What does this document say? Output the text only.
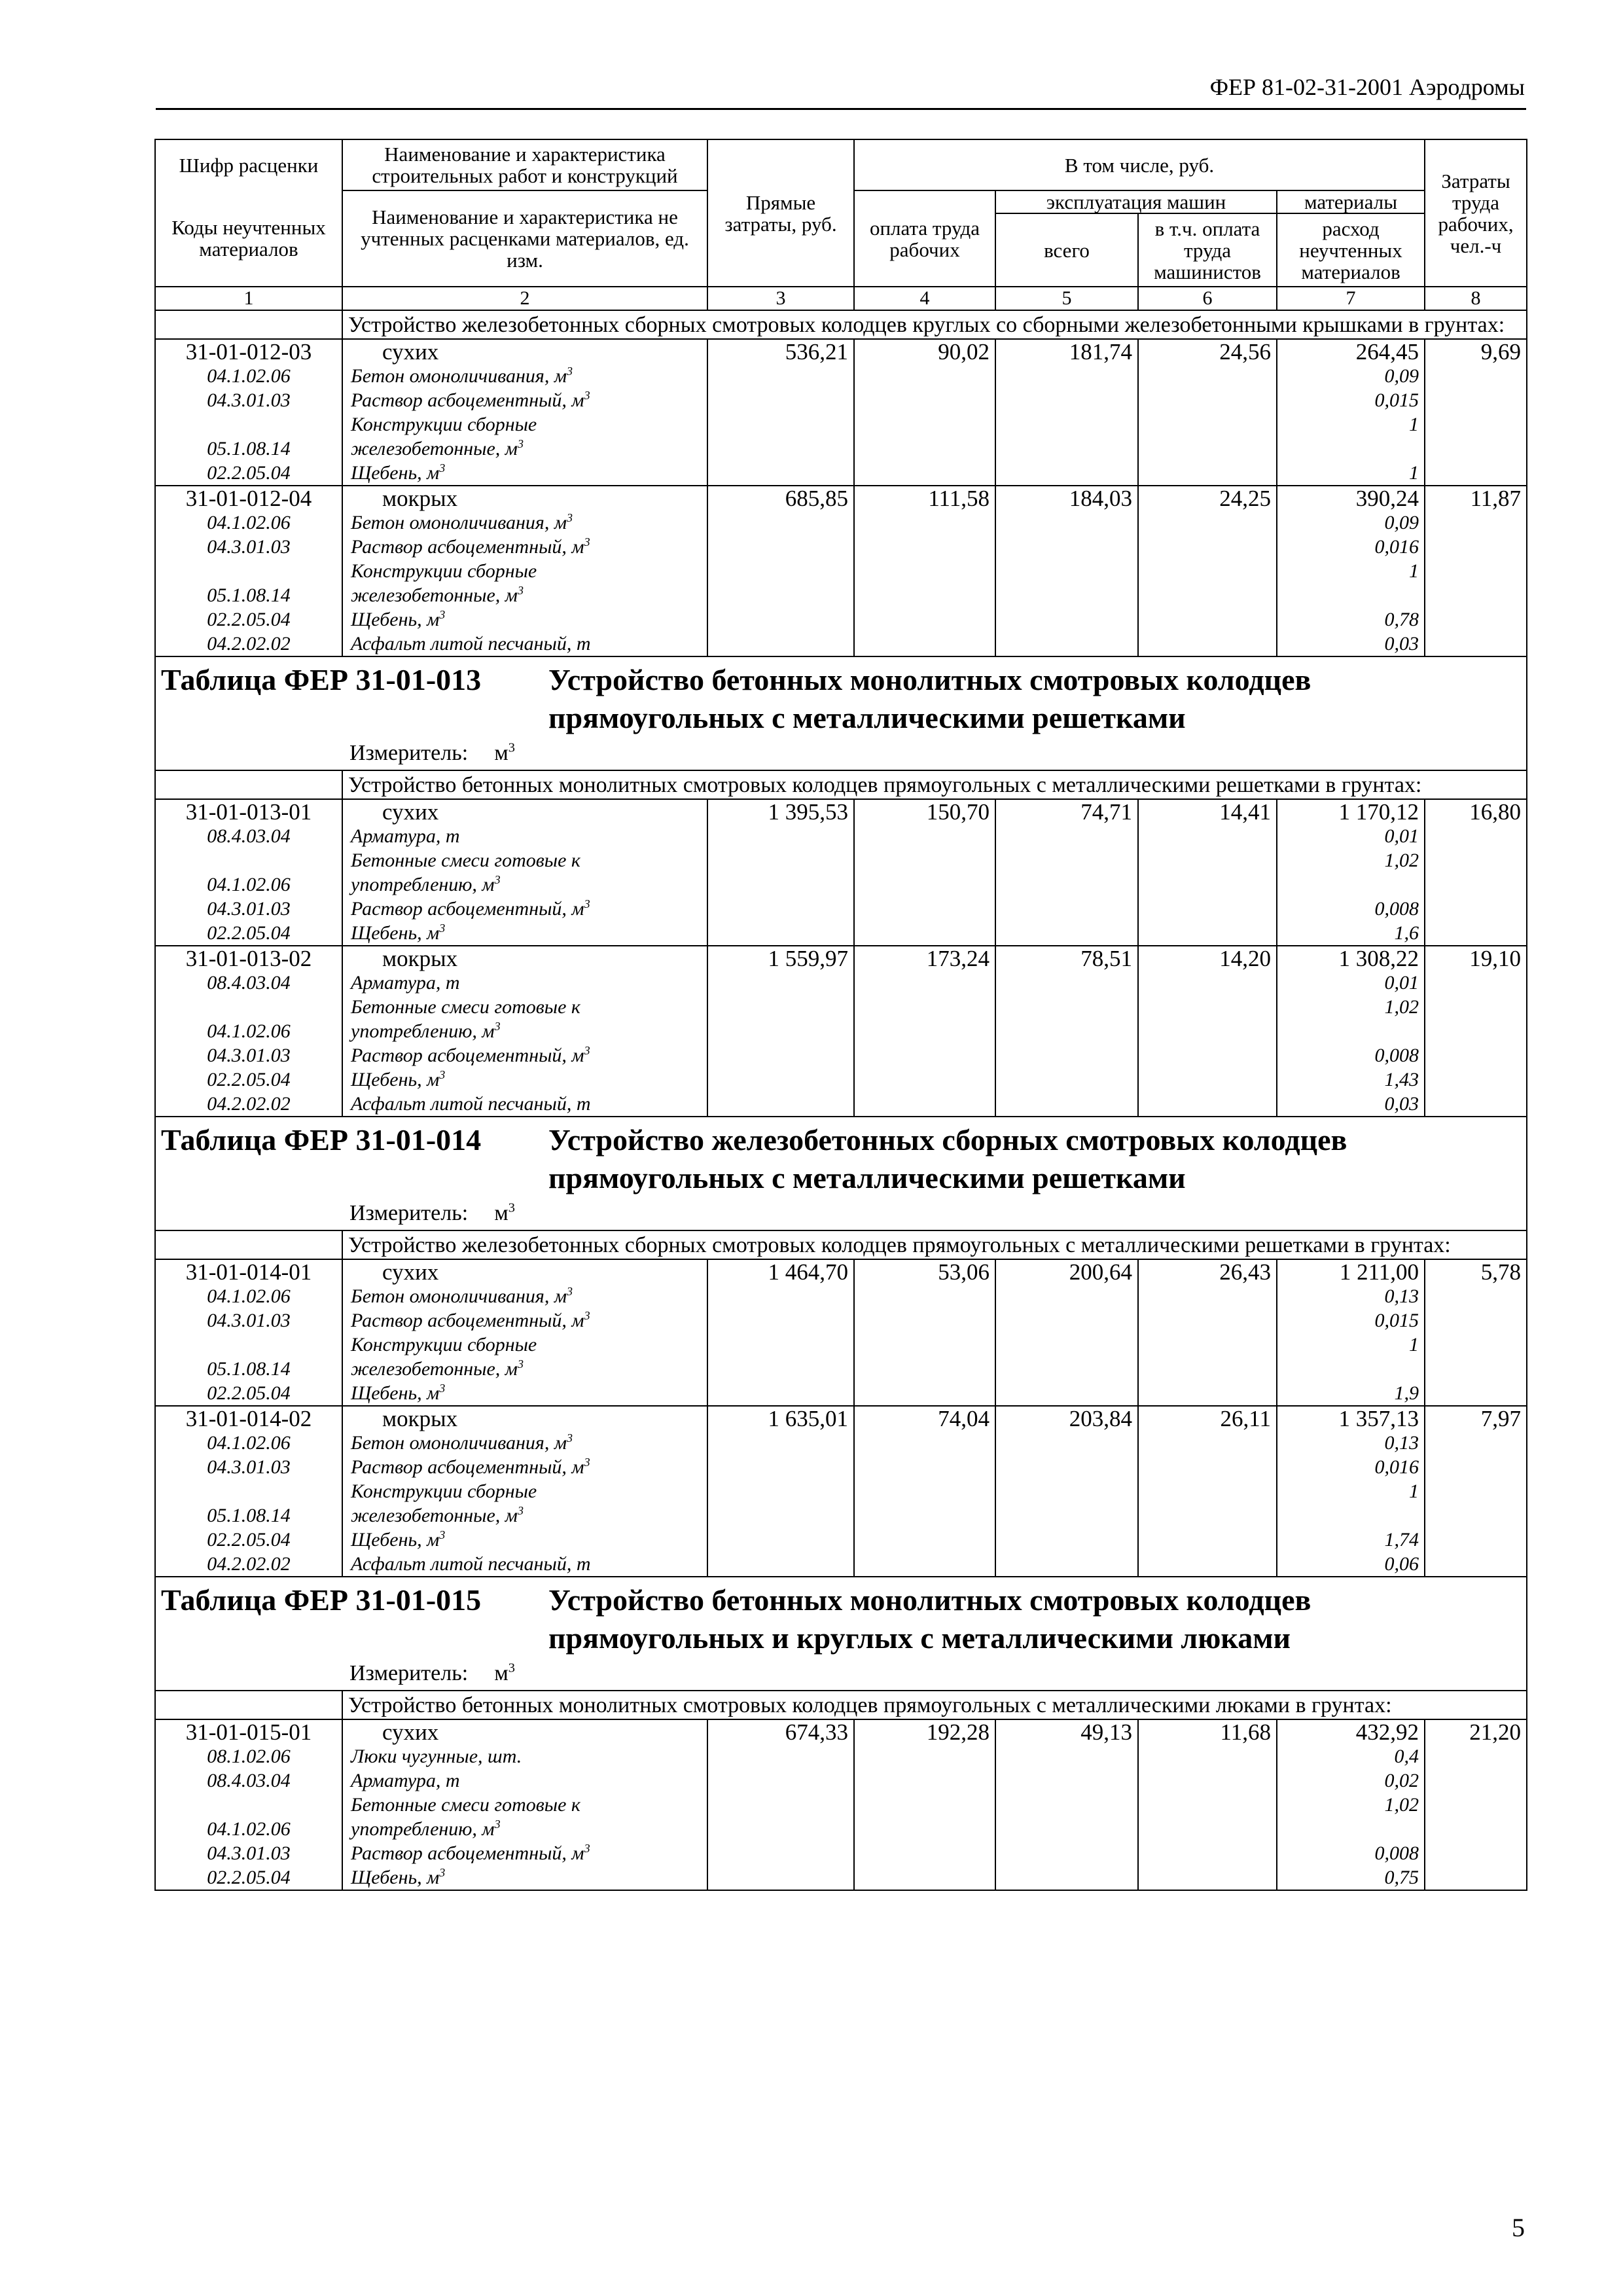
ФЕР 81-02-31-2001 Аэродромы
Шифр расценки	Наименование и характеристика строительных работ и конструкций	Прямые затраты, руб.	В том числе, руб.				Затраты труда рабочих, чел.-ч
Коды неучтенных материалов	Наименование и характеристика не учтенных расценками материалов, ед. изм.		оплата труда рабочих	эксплуатация машин		материалы	
				всего	в т.ч. оплата труда машинистов	расход неучтенных материалов	
1	2	3	4	5	6	7	8
	Устройство железобетонных сборных смотровых колодцев круглых со сборными железобетонными крышками в грунтах:						
31-01-012-03	сухих	536,21	90,02	181,74	24,56	264,45	9,69
04.1.02.06	Бетон омоноличивания, $м^3$					0,09	
04.3.01.03	Раствор асбоцементный, $м^3$					0,015	
05.1.08.14	Конструкции сборные
железобетонные, $м^3$					1	
02.2.05.04	Щебень, $м^3$					1	
31-01-012-04	мокрых	685,85	111,58	184,03	24,25	390,24	11,87
04.1.02.06	Бетон омоноличивания, $м^3$					0,09	
04.3.01.03	Раствор асбоцементный, $м^3$					0,016	
05.1.08.14	Конструкции сборные
железобетонные, $м^3$					1	
02.2.05.04	Щебень, $м^3$					0,78	
04.2.02.02	Асфальт литой песчаный, т					0,03	
Таблица ФЕР 31-01-013 Устройство бетонных монолитных смотровых колодцев
прямоугольных с металлическими решетками
Измеритель: $м^3$

	Устройство бетонных монолитных смотровых колодцев прямоугольных с металлическими решетками в грунтах:						
31-01-013-01	сухих	1 395,53	150,70	74,71	14,41	1 170,12	16,80
08.4.03.04	Арматура, т					0,01	
04.1.02.06	Бетонные смеси готовые к
употреблению, $м^3$					1,02	
04.3.01.03	Раствор асбоцементный, $м^3$					0,008	
02.2.05.04	Щебень, $м^3$					1,6	
31-01-013-02	мокрых	1 559,97	173,24	78,51	14,20	1 308,22	19,10
08.4.03.04	Арматура, т					0,01	
04.1.02.06	Бетонные смеси готовые к
употреблению, $м^3$					1,02	
04.3.01.03	Раствор асбоцементный, $м^3$					0,008	
02.2.05.04	Щебень, $м^3$					1,43	
04.2.02.02	Асфальт литой песчаный, т					0,03	
Таблица ФЕР 31-01-014 Устройство железобетонных сборных смотровых колодцев
прямоугольных с металлическими решетками
Измеритель: $м^3$

	Устройство железобетонных сборных смотровых колодцев прямоугольных с металлическими решетками в грунтах:						
31-01-014-01	сухих	1 464,70	53,06	200,64	26,43	1 211,00	5,78
04.1.02.06	Бетон омоноличивания, $м^3$					0,13	
04.3.01.03	Раствор асбоцементный, $м^3$					0,015	
05.1.08.14	Конструкции сборные
железобетонные, $м^3$					1	
02.2.05.04	Щебень, $м^3$					1,9	
31-01-014-02	мокрых	1 635,01	74,04	203,84	26,11	1 357,13	7,97
04.1.02.06	Бетон омоноличивания, $м^3$					0,13	
04.3.01.03	Раствор асбоцементный, $м^3$					0,016	
05.1.08.14	Конструкции сборные
железобетонные, $м^3$					1	
02.2.05.04	Щебень, $м^3$					1,74	
04.2.02.02	Асфальт литой песчаный, т					0,06	
Таблица ФЕР 31-01-015 Устройство бетонных монолитных смотровых колодцев
прямоугольных и круглых с металлическими люками
Измеритель: $м^3$

	Устройство бетонных монолитных смотровых колодцев прямоугольных с металлическими люками в грунтах:						
31-01-015-01	сухих	674,33	192,28	49,13	11,68	432,92	21,20
08.1.02.06	Люки чугунные, шт.					0,4	
08.4.03.04	Арматура, т					0,02	
04.1.02.06	Бетонные смеси готовые к
употреблению, $м^3$					1,02	
04.3.01.03	Раствор асбоцементный, $м^3$					0,008	
02.2.05.04	Щебень, $м^3$					0,75	
5
